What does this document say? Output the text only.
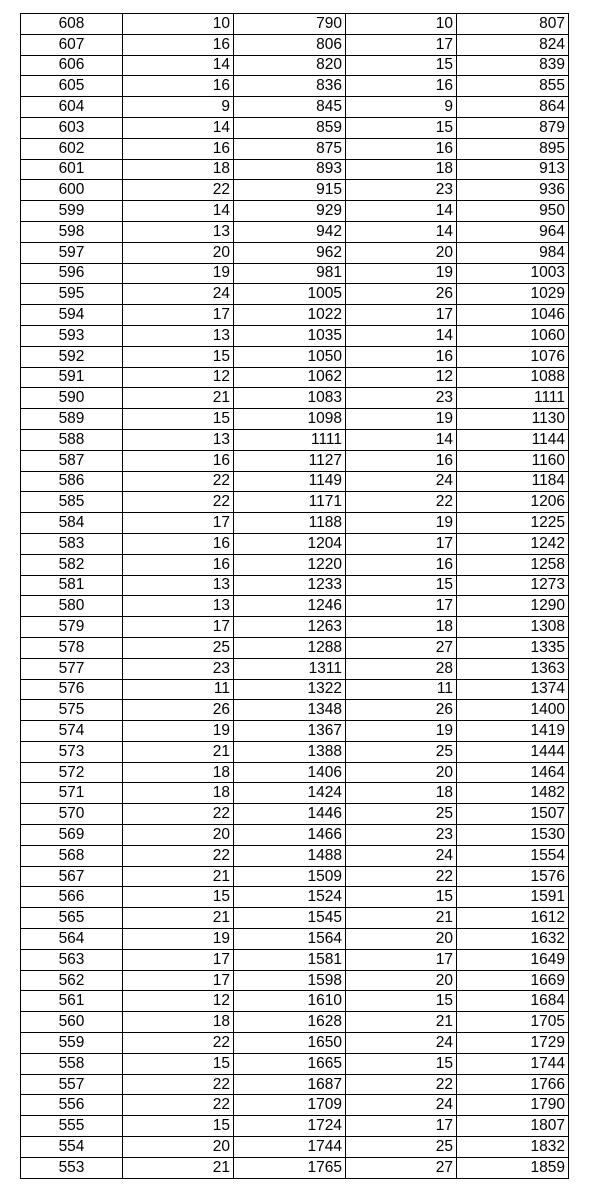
608	10	790	10	807
607	16	806	17	824
606	14	820	15	839
605	16	836	16	855
604	9	845	9	864
603	14	859	15	879
602	16	875	16	895
601	18	893	18	913
600	22	915	23	936
599	14	929	14	950
598	13	942	14	964
597	20	962	20	984
596	19	981	19	1003
595	24	1005	26	1029
594	17	1022	17	1046
593	13	1035	14	1060
592	15	1050	16	1076
591	12	1062	12	1088
590	21	1083	23	1111
589	15	1098	19	1130
588	13	1111	14	1144
587	16	1127	16	1160
586	22	1149	24	1184
585	22	1171	22	1206
584	17	1188	19	1225
583	16	1204	17	1242
582	16	1220	16	1258
581	13	1233	15	1273
580	13	1246	17	1290
579	17	1263	18	1308
578	25	1288	27	1335
577	23	1311	28	1363
576	11	1322	11	1374
575	26	1348	26	1400
574	19	1367	19	1419
573	21	1388	25	1444
572	18	1406	20	1464
571	18	1424	18	1482
570	22	1446	25	1507
569	20	1466	23	1530
568	22	1488	24	1554
567	21	1509	22	1576
566	15	1524	15	1591
565	21	1545	21	1612
564	19	1564	20	1632
563	17	1581	17	1649
562	17	1598	20	1669
561	12	1610	15	1684
560	18	1628	21	1705
559	22	1650	24	1729
558	15	1665	15	1744
557	22	1687	22	1766
556	22	1709	24	1790
555	15	1724	17	1807
554	20	1744	25	1832
553	21	1765	27	1859
